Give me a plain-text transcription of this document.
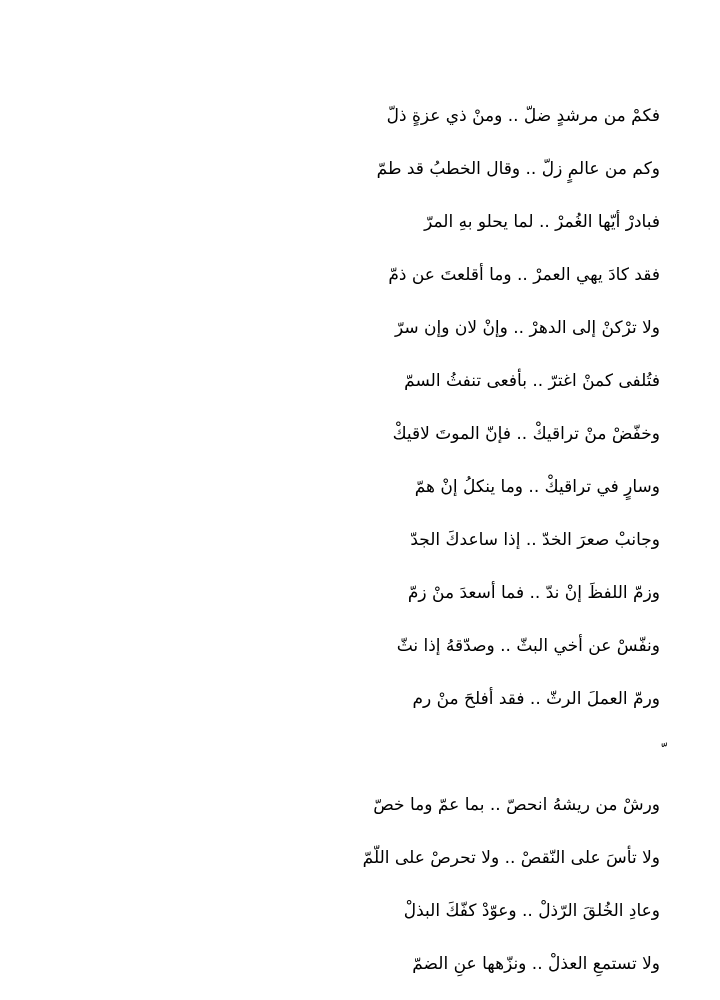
فكمْ من مرشدٍ ضلّ .. ومنْ ذي عزةٍ ذلّ
وكم من عالمٍ زلّ .. وقال الخطبُ قد طمّ
فبادرْ أيّها الغُمرْ .. لما يحلو بهِ المرّ
فقد كادَ يهي العمرْ .. وما أقلعتَ عن ذمّ
ولا ترْكنْ إلى الدهرْ .. وإنْ لان وإن سرّ
فتُلفى كمنْ اغترّ .. بأفعى تنفثُ السمّ
وخفّضْ منْ تراقيكْ .. فإنّ الموتَ لاقيكْ
وسارٍ في تراقيكْ .. وما ينكلُ إنْ همّ
وجانبْ صعرَ الخدّ .. إذا ساعدكَ الجدّ
وزمّ اللفظَ إنْ ندّ .. فما أسعدَ منْ زمّ
ونفّسْ عن أخي البثّ .. وصدّقهُ إذا نثّ
ورمّ العملَ الرثّ .. فقد أفلحَ منْ رم
ورشْ من ريشهُ انحصّ .. بما عمّ وما خصّ
ولا تأسَ على النّقصْ .. ولا تحرصْ على اللّمّ
وعادِ الخُلقَ الرّذلْ .. وعوّدْ كفّكَ البذلْ
ولا تستمعِ العذلْ .. ونزّهها عنِ الضمّ
